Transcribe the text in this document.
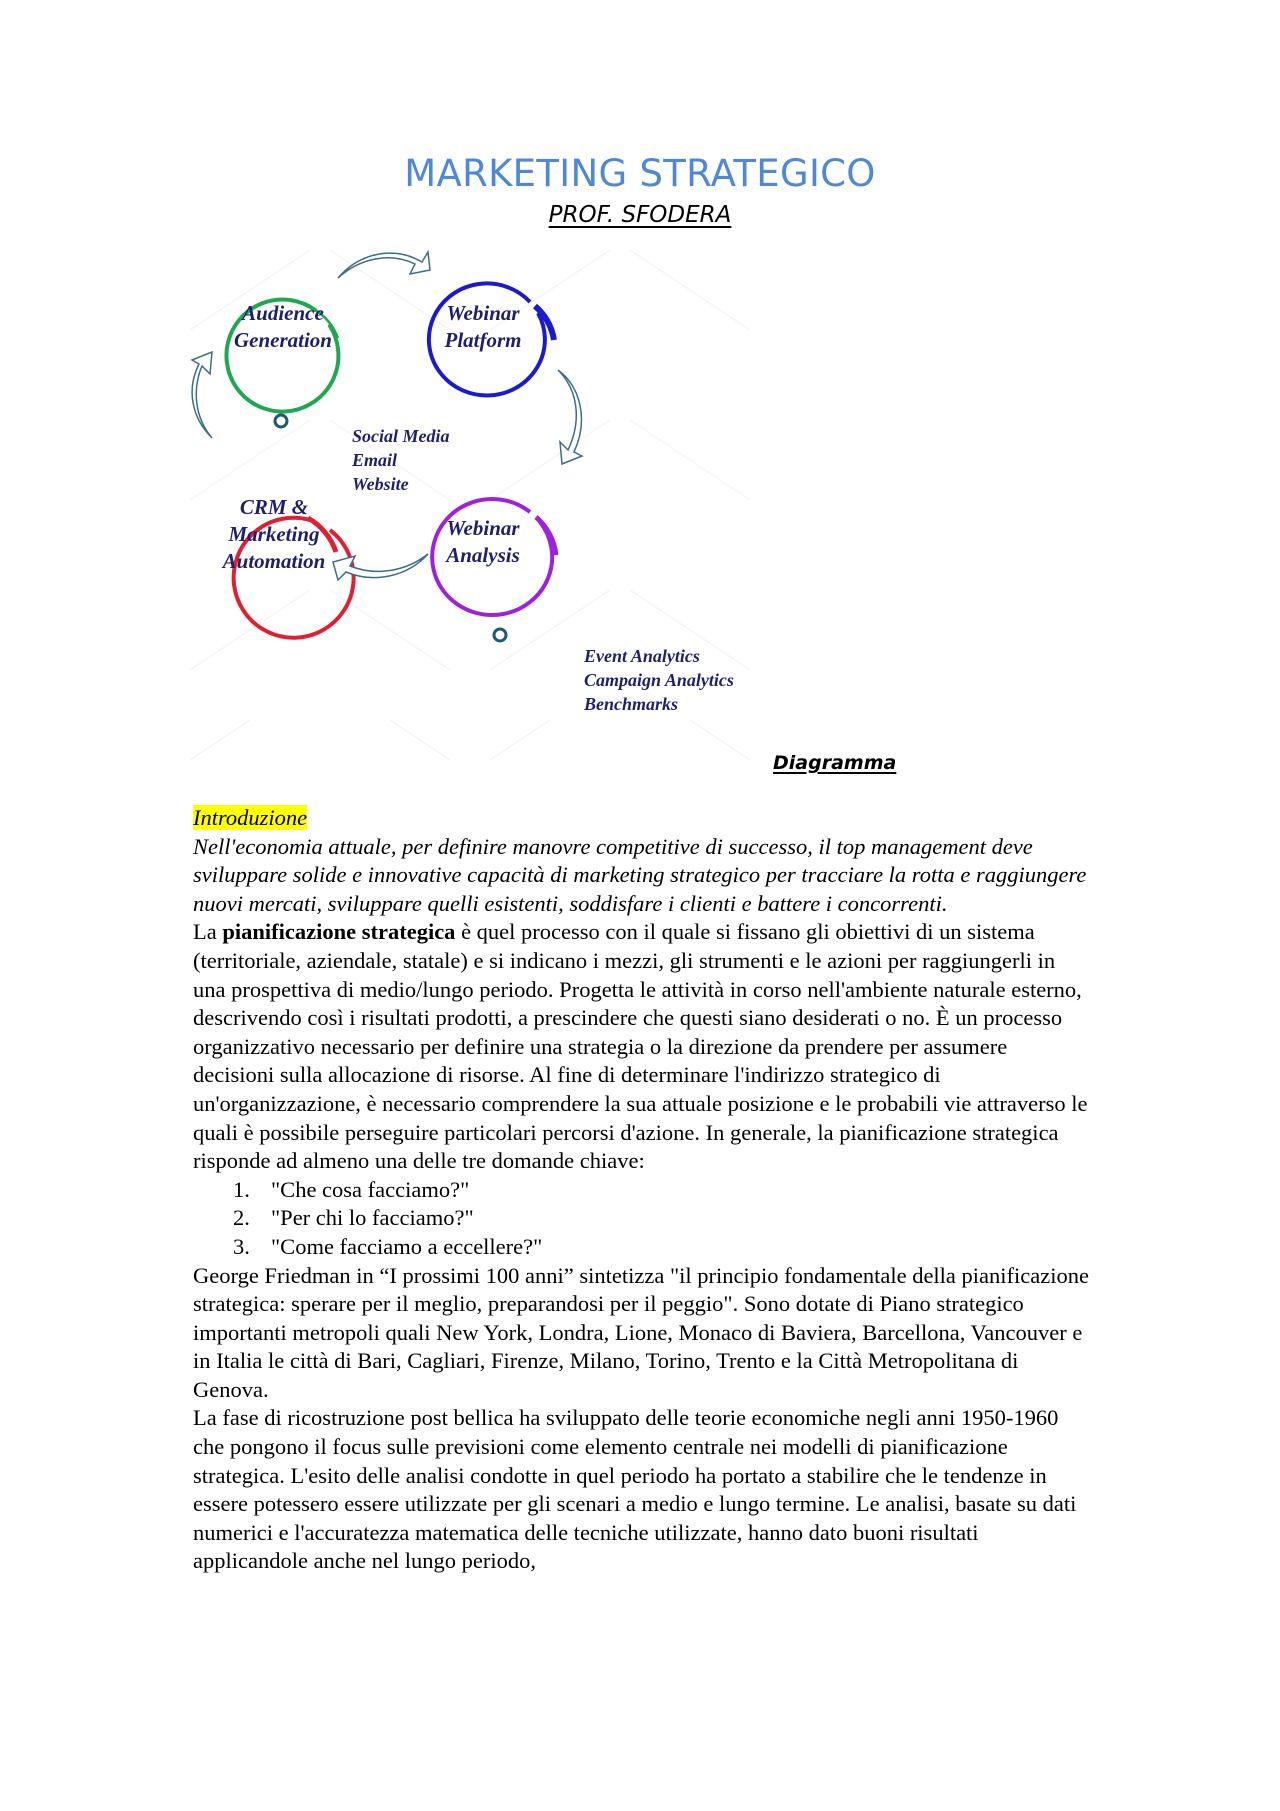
MARKETING STRATEGICO
PROF. SFODERA
Audience
Generation
Webinar
Platform
Webinar
Analysis
CRM &
Marketing
Automation
Social Media
Email
Website
Event Analytics
Campaign Analytics
Benchmarks
Diagramma
Introduzione

Nell'economia attuale, per definire manovre competitive di successo, il top management deve sviluppare solide e innovative capacità di marketing strategico per tracciare la rotta e raggiungere nuovi mercati, sviluppare quelli esistenti, soddisfare i clienti e battere i concorrenti.

La pianificazione strategica è quel processo con il quale si fissano gli obiettivi di un sistema (territoriale, aziendale, statale) e si indicano i mezzi, gli strumenti e le azioni per raggiungerli in una prospettiva di medio/lungo periodo. Progetta le attività in corso nell'ambiente naturale esterno, descrivendo così i risultati prodotti, a prescindere che questi siano desiderati o no. È un processo organizzativo necessario per definire una strategia o la direzione da prendere per assumere decisioni sulla allocazione di risorse. Al fine di determinare l'indirizzo strategico di un'organizzazione, è necessario comprendere la sua attuale posizione e le probabili vie attraverso le quali è possibile perseguire particolari percorsi d'azione. In generale, la pianificazione strategica risponde ad almeno una delle tre domande chiave:

1. "Che cosa facciamo?"
2. "Per chi lo facciamo?"
3. "Come facciamo a eccellere?"

George Friedman in “I prossimi 100 anni” sintetizza "il principio fondamentale della pianificazione strategica: sperare per il meglio, preparandosi per il peggio". Sono dotate di Piano strategico importanti metropoli quali New York, Londra, Lione, Monaco di Baviera, Barcellona, Vancouver e in Italia le città di Bari, Cagliari, Firenze, Milano, Torino, Trento e la Città Metropolitana di Genova.

La fase di ricostruzione post bellica ha sviluppato delle teorie economiche negli anni 1950-1960 che pongono il focus sulle previsioni come elemento centrale nei modelli di pianificazione strategica. L'esito delle analisi condotte in quel periodo ha portato a stabilire che le tendenze in essere potessero essere utilizzate per gli scenari a medio e lungo termine. Le analisi, basate su dati numerici e l'accuratezza matematica delle tecniche utilizzate, hanno dato buoni risultati applicandole anche nel lungo periodo,
